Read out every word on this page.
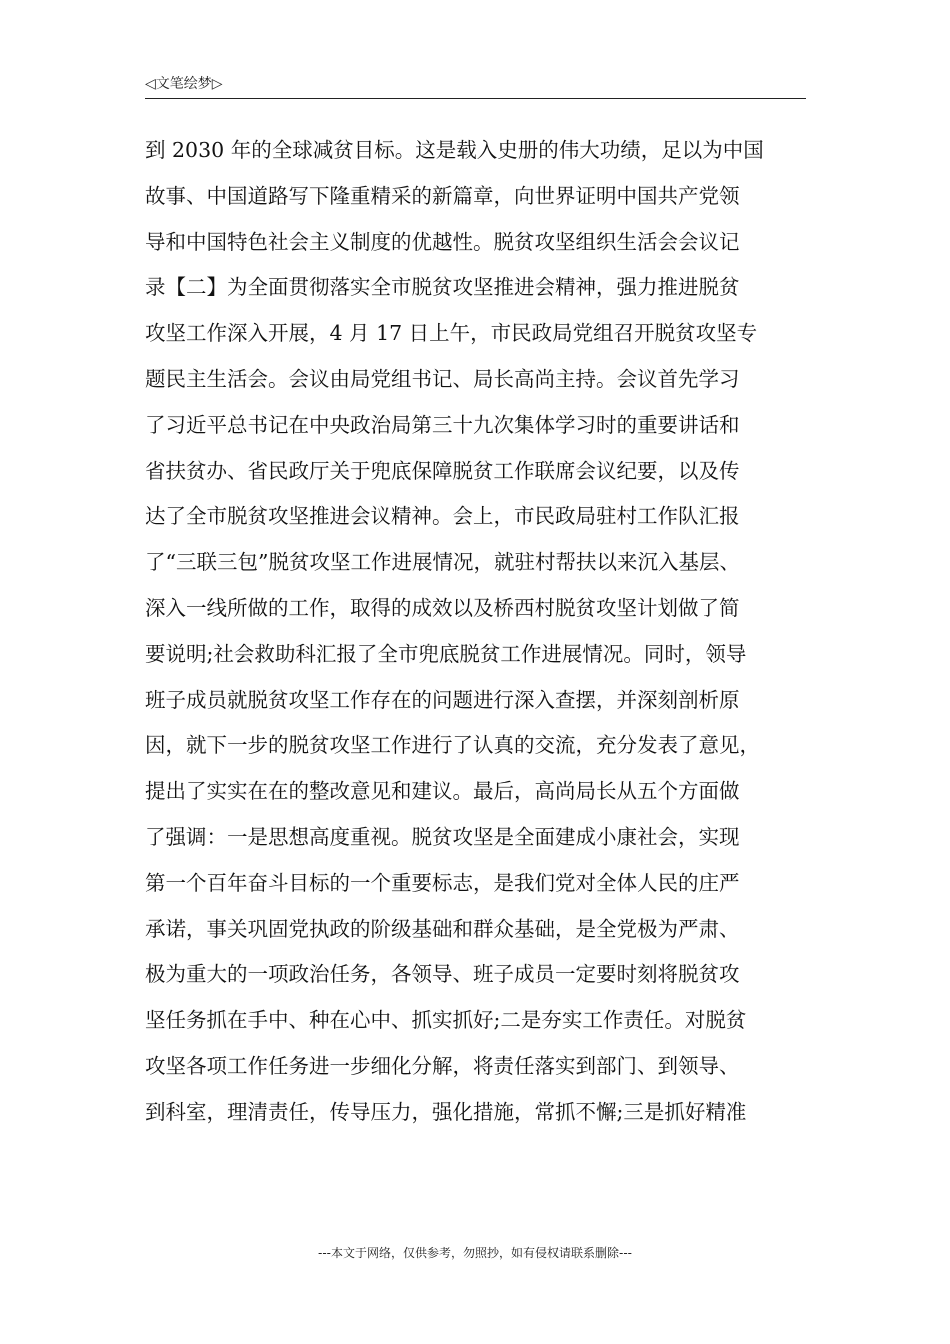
◁文笔绘梦▷
到 2030 年的全球减贫目标。这是载入史册的伟大功绩，足以为中国
故事、中国道路写下隆重精采的新篇章，向世界证明中国共产党领
导和中国特色社会主义制度的优越性。脱贫攻坚组织生活会会议记
录【二】为全面贯彻落实全市脱贫攻坚推进会精神，强力推进脱贫
攻坚工作深入开展，4 月 17 日上午，市民政局党组召开脱贫攻坚专
题民主生活会。会议由局党组书记、局长高尚主持。会议首先学习
了习近平总书记在中央政治局第三十九次集体学习时的重要讲话和
省扶贫办、省民政厅关于兜底保障脱贫工作联席会议纪要，以及传
达了全市脱贫攻坚推进会议精神。会上，市民政局驻村工作队汇报
了“三联三包”脱贫攻坚工作进展情况，就驻村帮扶以来沉入基层、
深入一线所做的工作，取得的成效以及桥西村脱贫攻坚计划做了简
要说明;社会救助科汇报了全市兜底脱贫工作进展情况。同时，领导
班子成员就脱贫攻坚工作存在的问题进行深入查摆，并深刻剖析原
因，就下一步的脱贫攻坚工作进行了认真的交流，充分发表了意见，
提出了实实在在的整改意见和建议。最后，高尚局长从五个方面做
了强调：一是思想高度重视。脱贫攻坚是全面建成小康社会，实现
第一个百年奋斗目标的一个重要标志，是我们党对全体人民的庄严
承诺，事关巩固党执政的阶级基础和群众基础，是全党极为严肃、
极为重大的一项政治任务，各领导、班子成员一定要时刻将脱贫攻
坚任务抓在手中、种在心中、抓实抓好;二是夯实工作责任。对脱贫
攻坚各项工作任务进一步细化分解，将责任落实到部门、到领导、
到科室，理清责任，传导压力，强化措施，常抓不懈;三是抓好精准
---本文于网络，仅供参考，勿照抄，如有侵权请联系删除---
